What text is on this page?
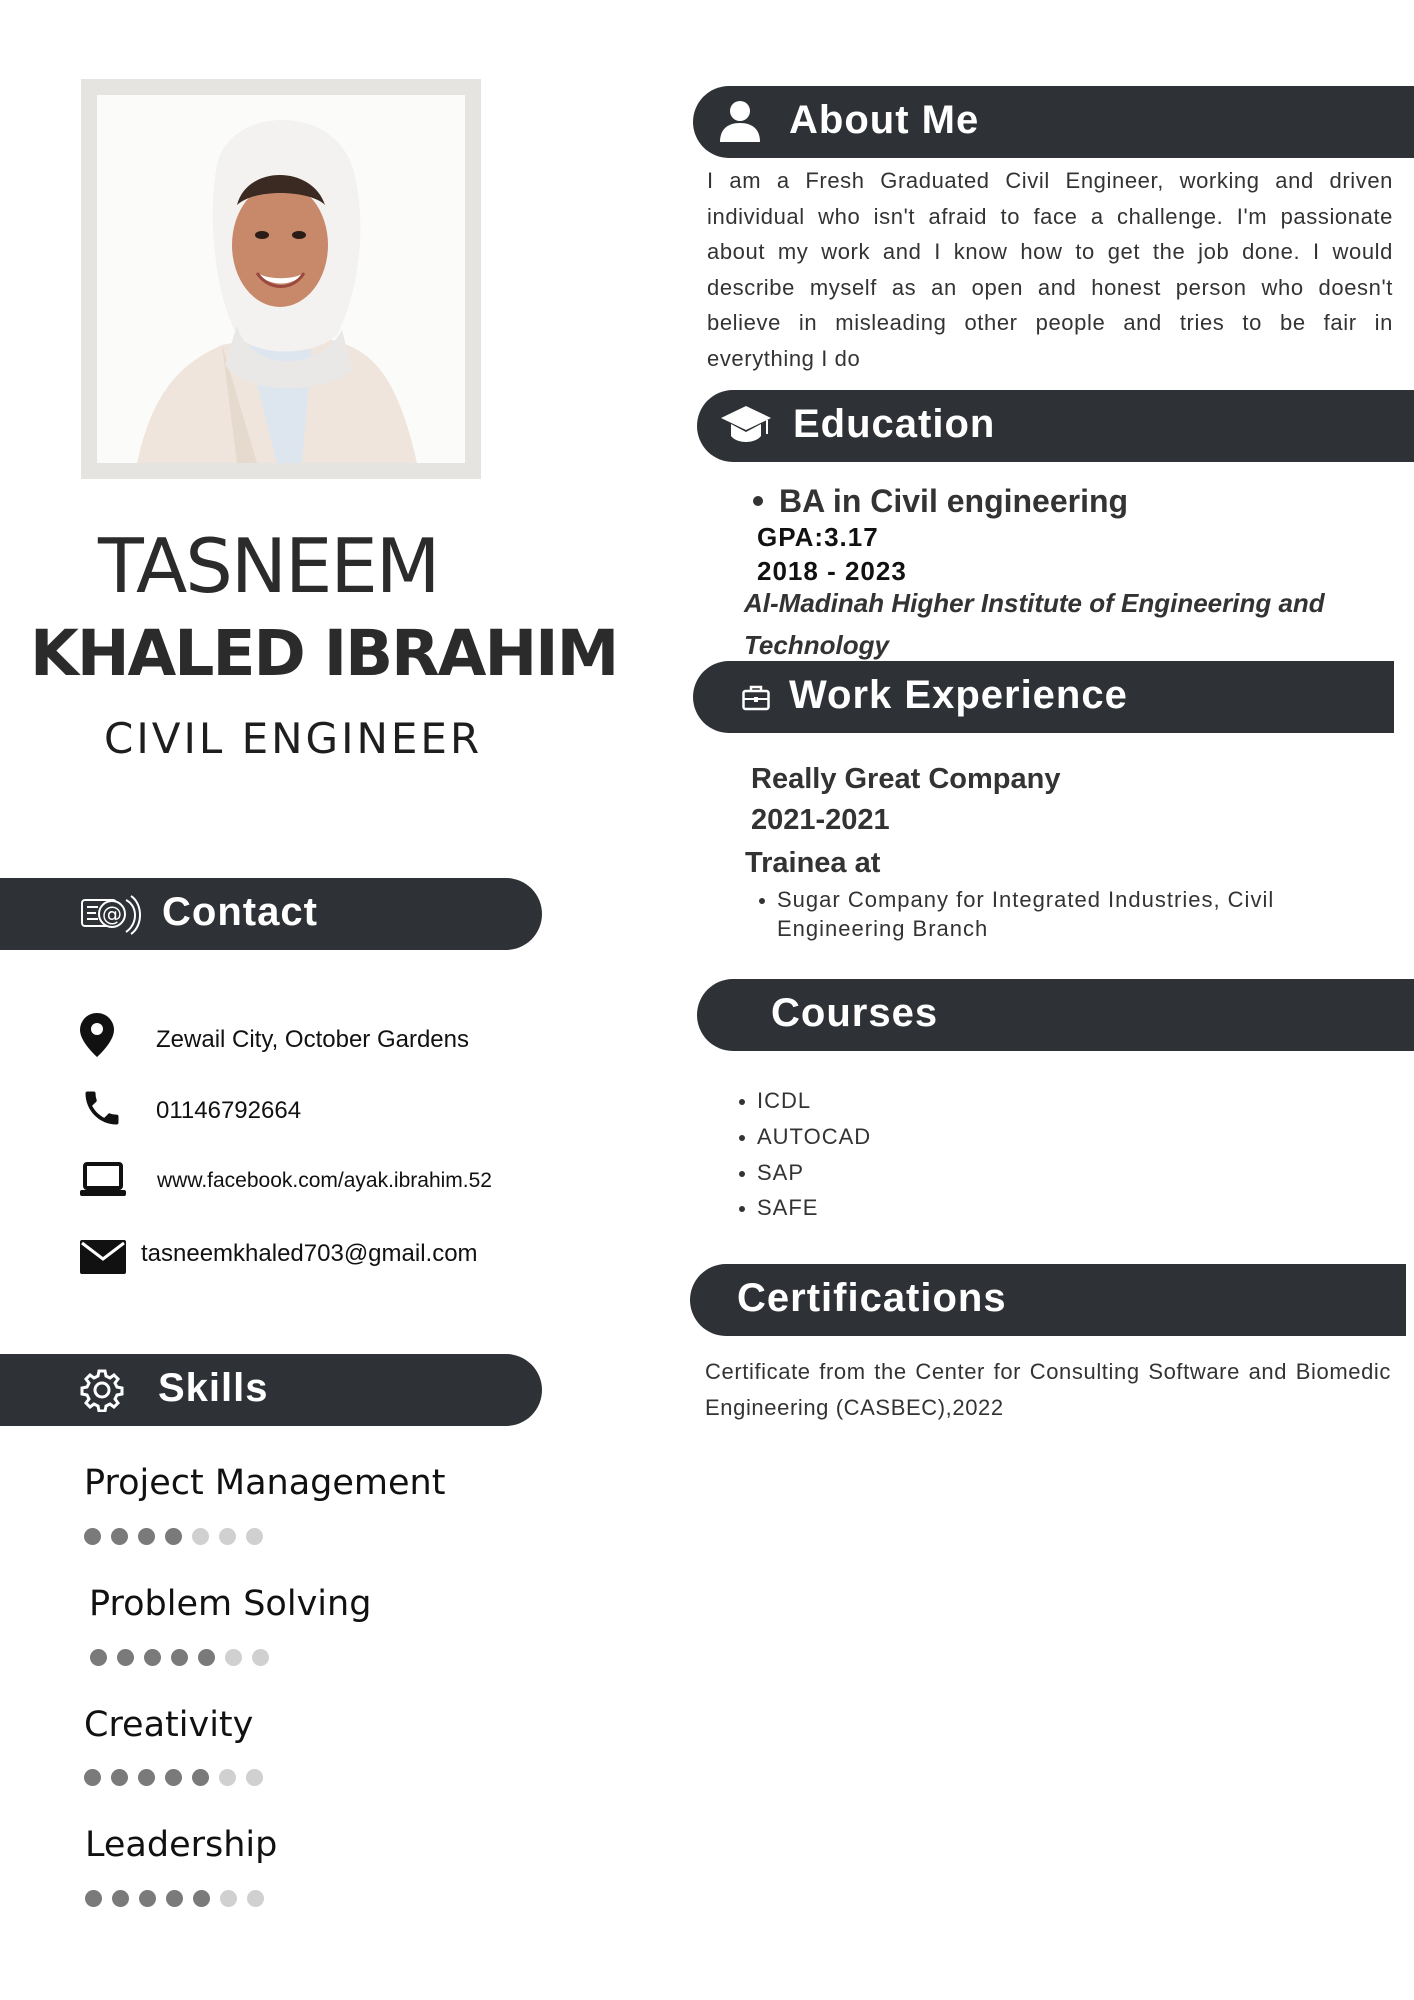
TASNEEM
KHALED IBRAHIM
CIVIL ENGINEER
@ Contact
Zewail City, October Gardens
01146792664
www.facebook.com/ayak.ibrahim.52
tasneemkhaled703@gmail.com
Skills
Project Management
Problem Solving
Creativity
Leadership
About Me
I am a Fresh Graduated Civil Engineer, working and driven individual who isn't afraid to face a challenge. I'm passionate about my work and I know how to get the job done. I would describe myself as an open and honest person who doesn't believe in misleading other people and tries to be fair in everything I do
Education
BA in Civil engineering
GPA:3.17
2018 - 2023
Al-Madinah Higher Institute of Engineering and Technology
Work Experience
Really Great Company
2021-2021
Trainea at
Sugar Company for Integrated Industries, Civil Engineering Branch
Courses
ICDL
AUTOCAD
SAP
SAFE
Certifications
Certificate from the Center for Consulting Software and Biomedic Engineering (CASBEC),2022
